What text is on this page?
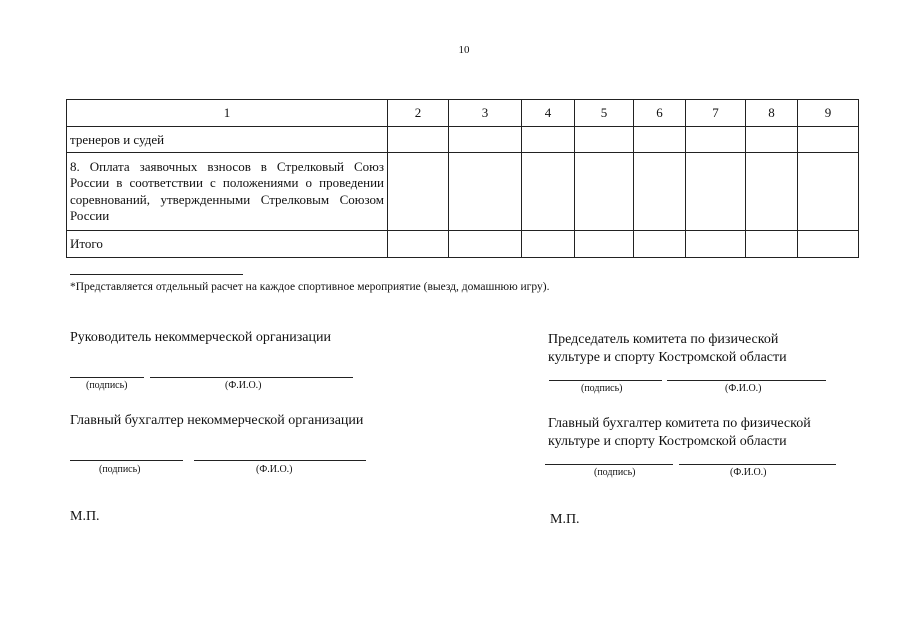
10
1	2	3	4	5	6	7	8	9
тренеров и судей								
8. Оплата заявочных взносов в Стрелковый Союз России в соответствии с положениями о проведении соревнований, утвержденными Стрелковым Союзом России								
Итого								
*Представляется отдельный расчет на каждое спортивное мероприятие (выезд, домашнюю игру).
Руководитель некоммерческой организации
(подпись)	(Ф.И.О.)
Главный бухгалтер некоммерческой организации
(подпись)	(Ф.И.О.)
М.П.
Председатель комитета по физической
культуре и спорту Костромской области
(подпись)	(Ф.И.О.)
Главный бухгалтер комитета по физической
культуре и спорту Костромской области
(подпись)	(Ф.И.О.)
М.П.
